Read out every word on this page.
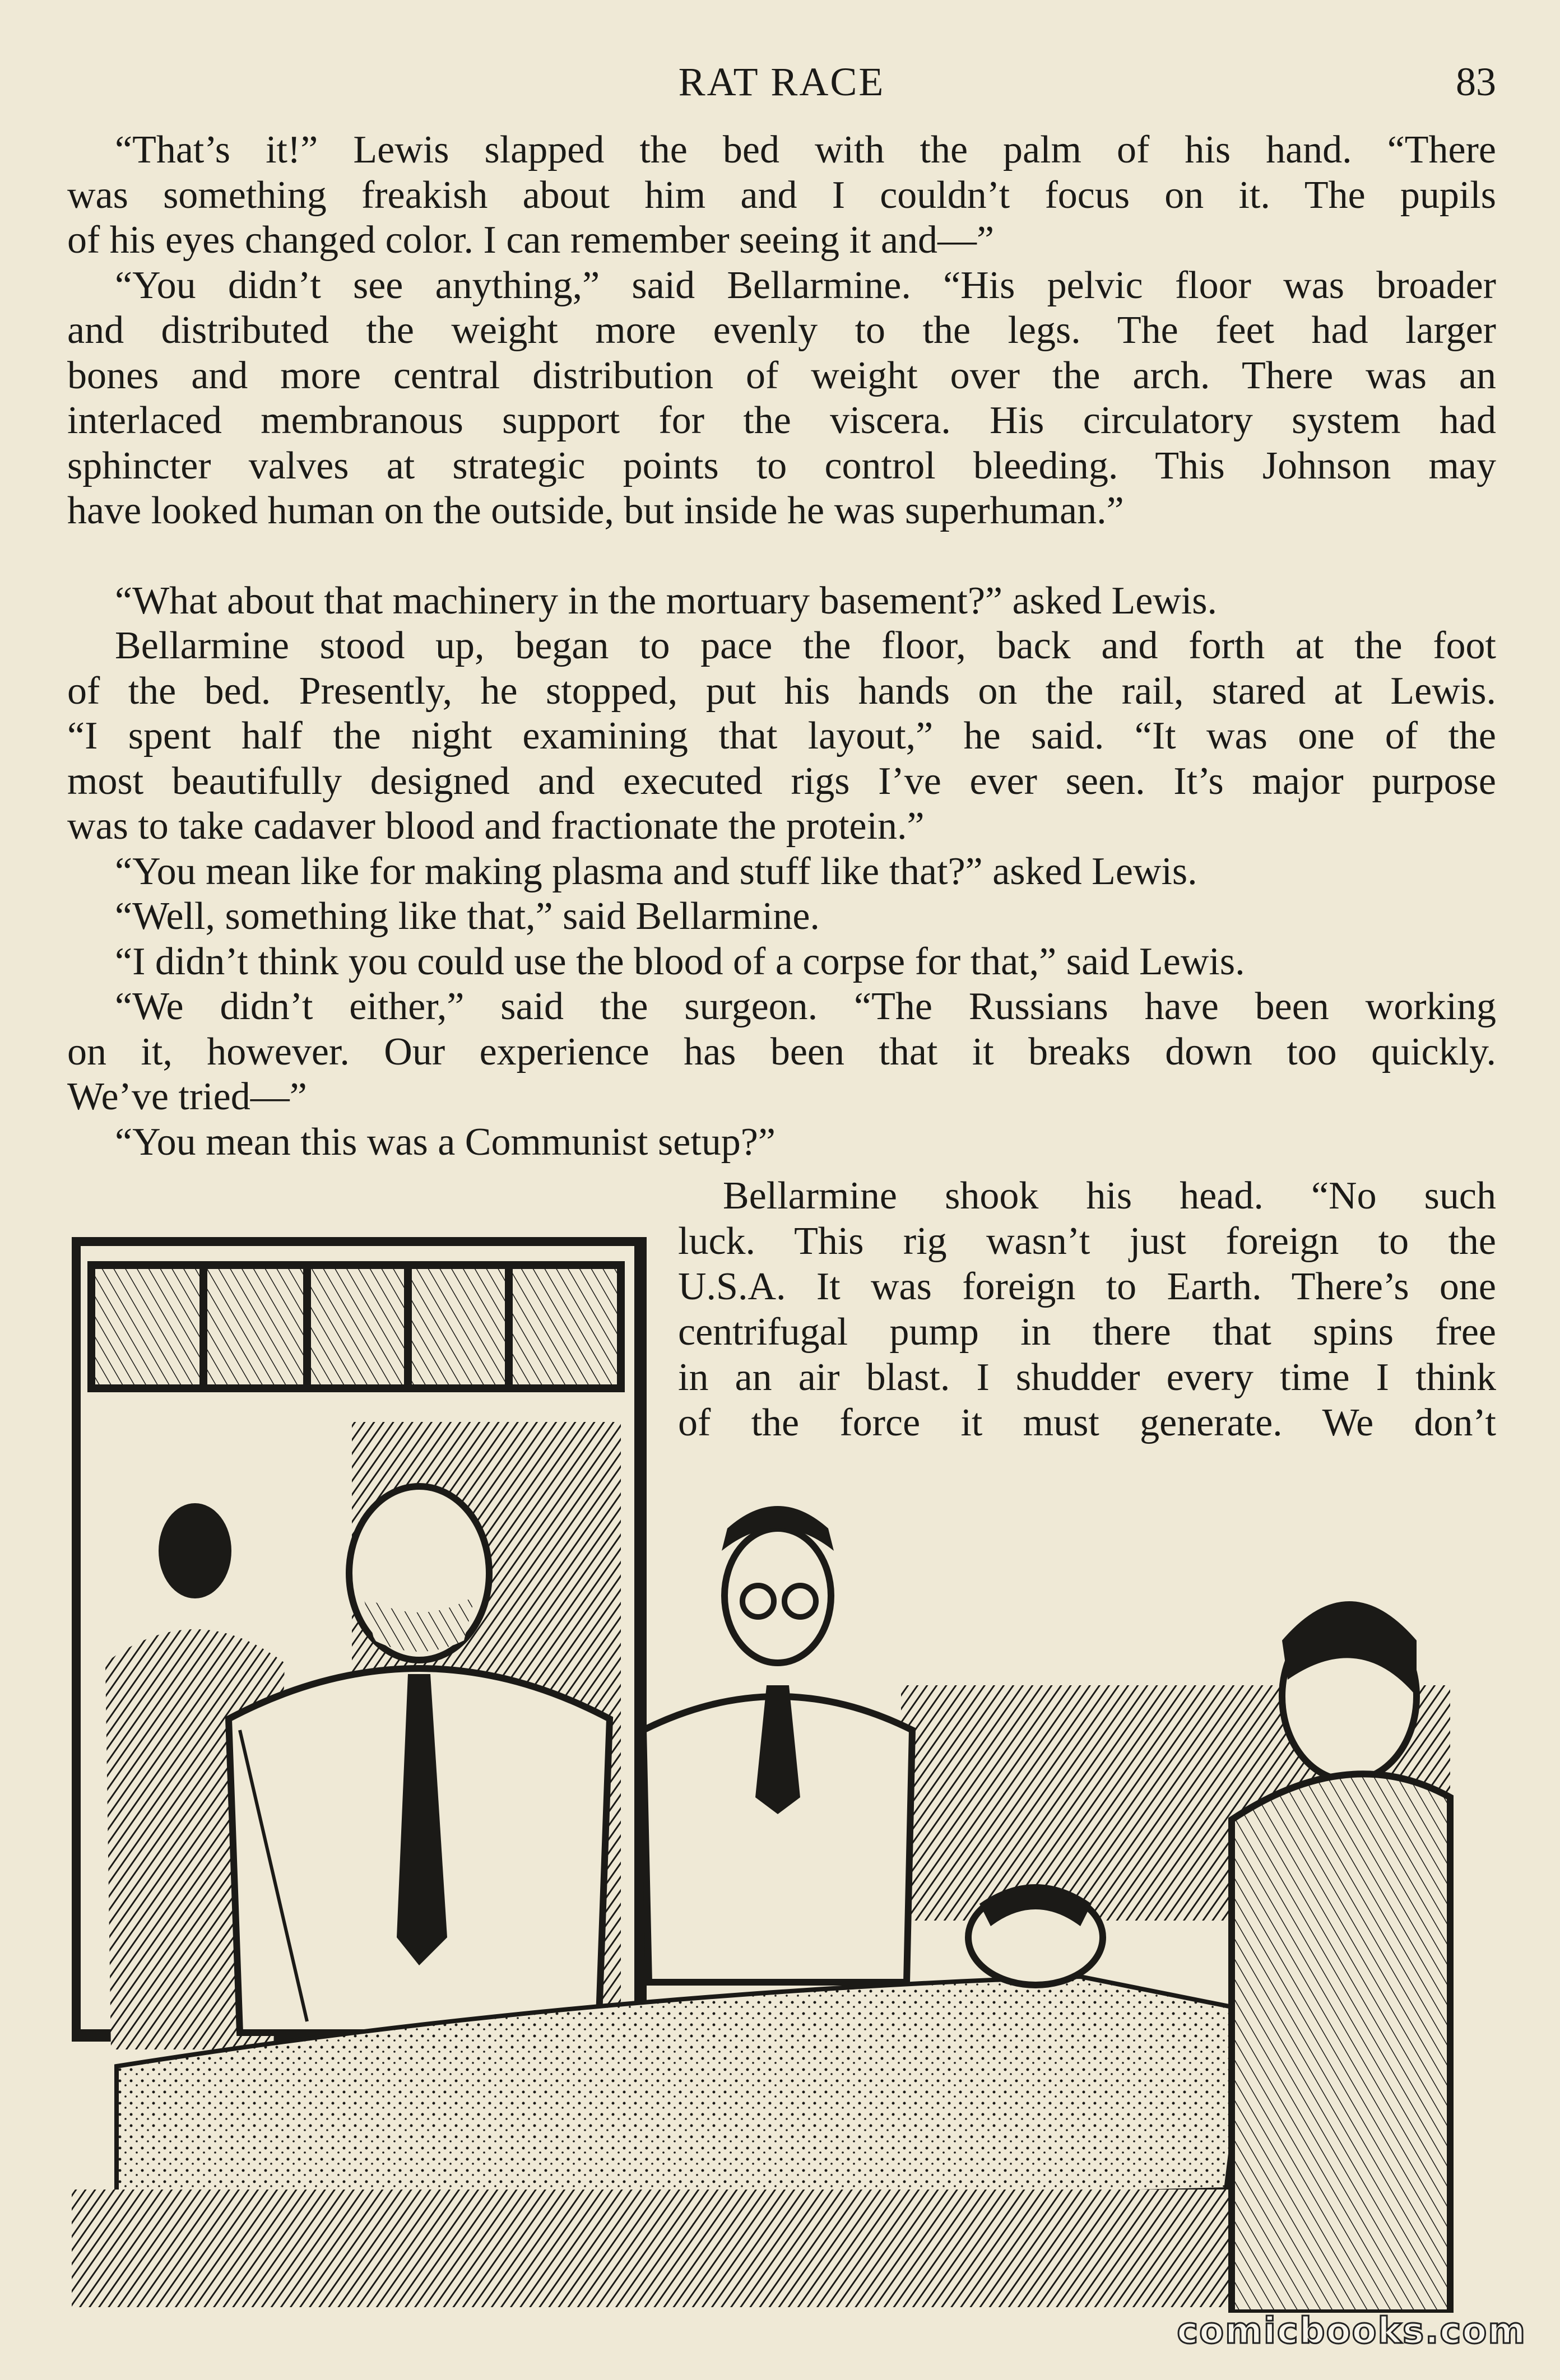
RAT RACE	83
“That’s it!” Lewis slapped the bed with the palm of his hand. “There
was something freakish about him and I couldn’t focus on it. The pupils
of his eyes changed color. I can remember seeing it and—”
“You didn’t see anything,” said Bellarmine. “His pelvic floor was broader
and distributed the weight more evenly to the legs. The feet had larger
bones and more central distribution of weight over the arch. There was an
interlaced membranous support for the viscera. His circulatory system had
sphincter valves at strategic points to control bleeding. This Johnson may
have looked human on the outside, but inside he was superhuman.”
“What about that machinery in the mortuary basement?” asked Lewis.
Bellarmine stood up, began to pace the floor, back and forth at the foot
of the bed. Presently, he stopped, put his hands on the rail, stared at Lewis.
“I spent half the night examining that layout,” he said. “It was one of the
most beautifully designed and executed rigs I’ve ever seen. It’s major purpose
was to take cadaver blood and fractionate the protein.”
“You mean like for making plasma and stuff like that?” asked Lewis.
“Well, something like that,” said Bellarmine.
“I didn’t think you could use the blood of a corpse for that,” said Lewis.
“We didn’t either,” said the surgeon. “The Russians have been working
on it, however. Our experience has been that it breaks down too quickly.
We’ve tried—”
“You mean this was a Communist setup?”
Bellarmine shook his head. “No such
luck. This rig wasn’t just foreign to the
U.S.A. It was foreign to Earth. There’s one
centrifugal pump in there that spins free
in an air blast. I shudder every time I think
of the force it must generate. We don’t
comicbooks.com
